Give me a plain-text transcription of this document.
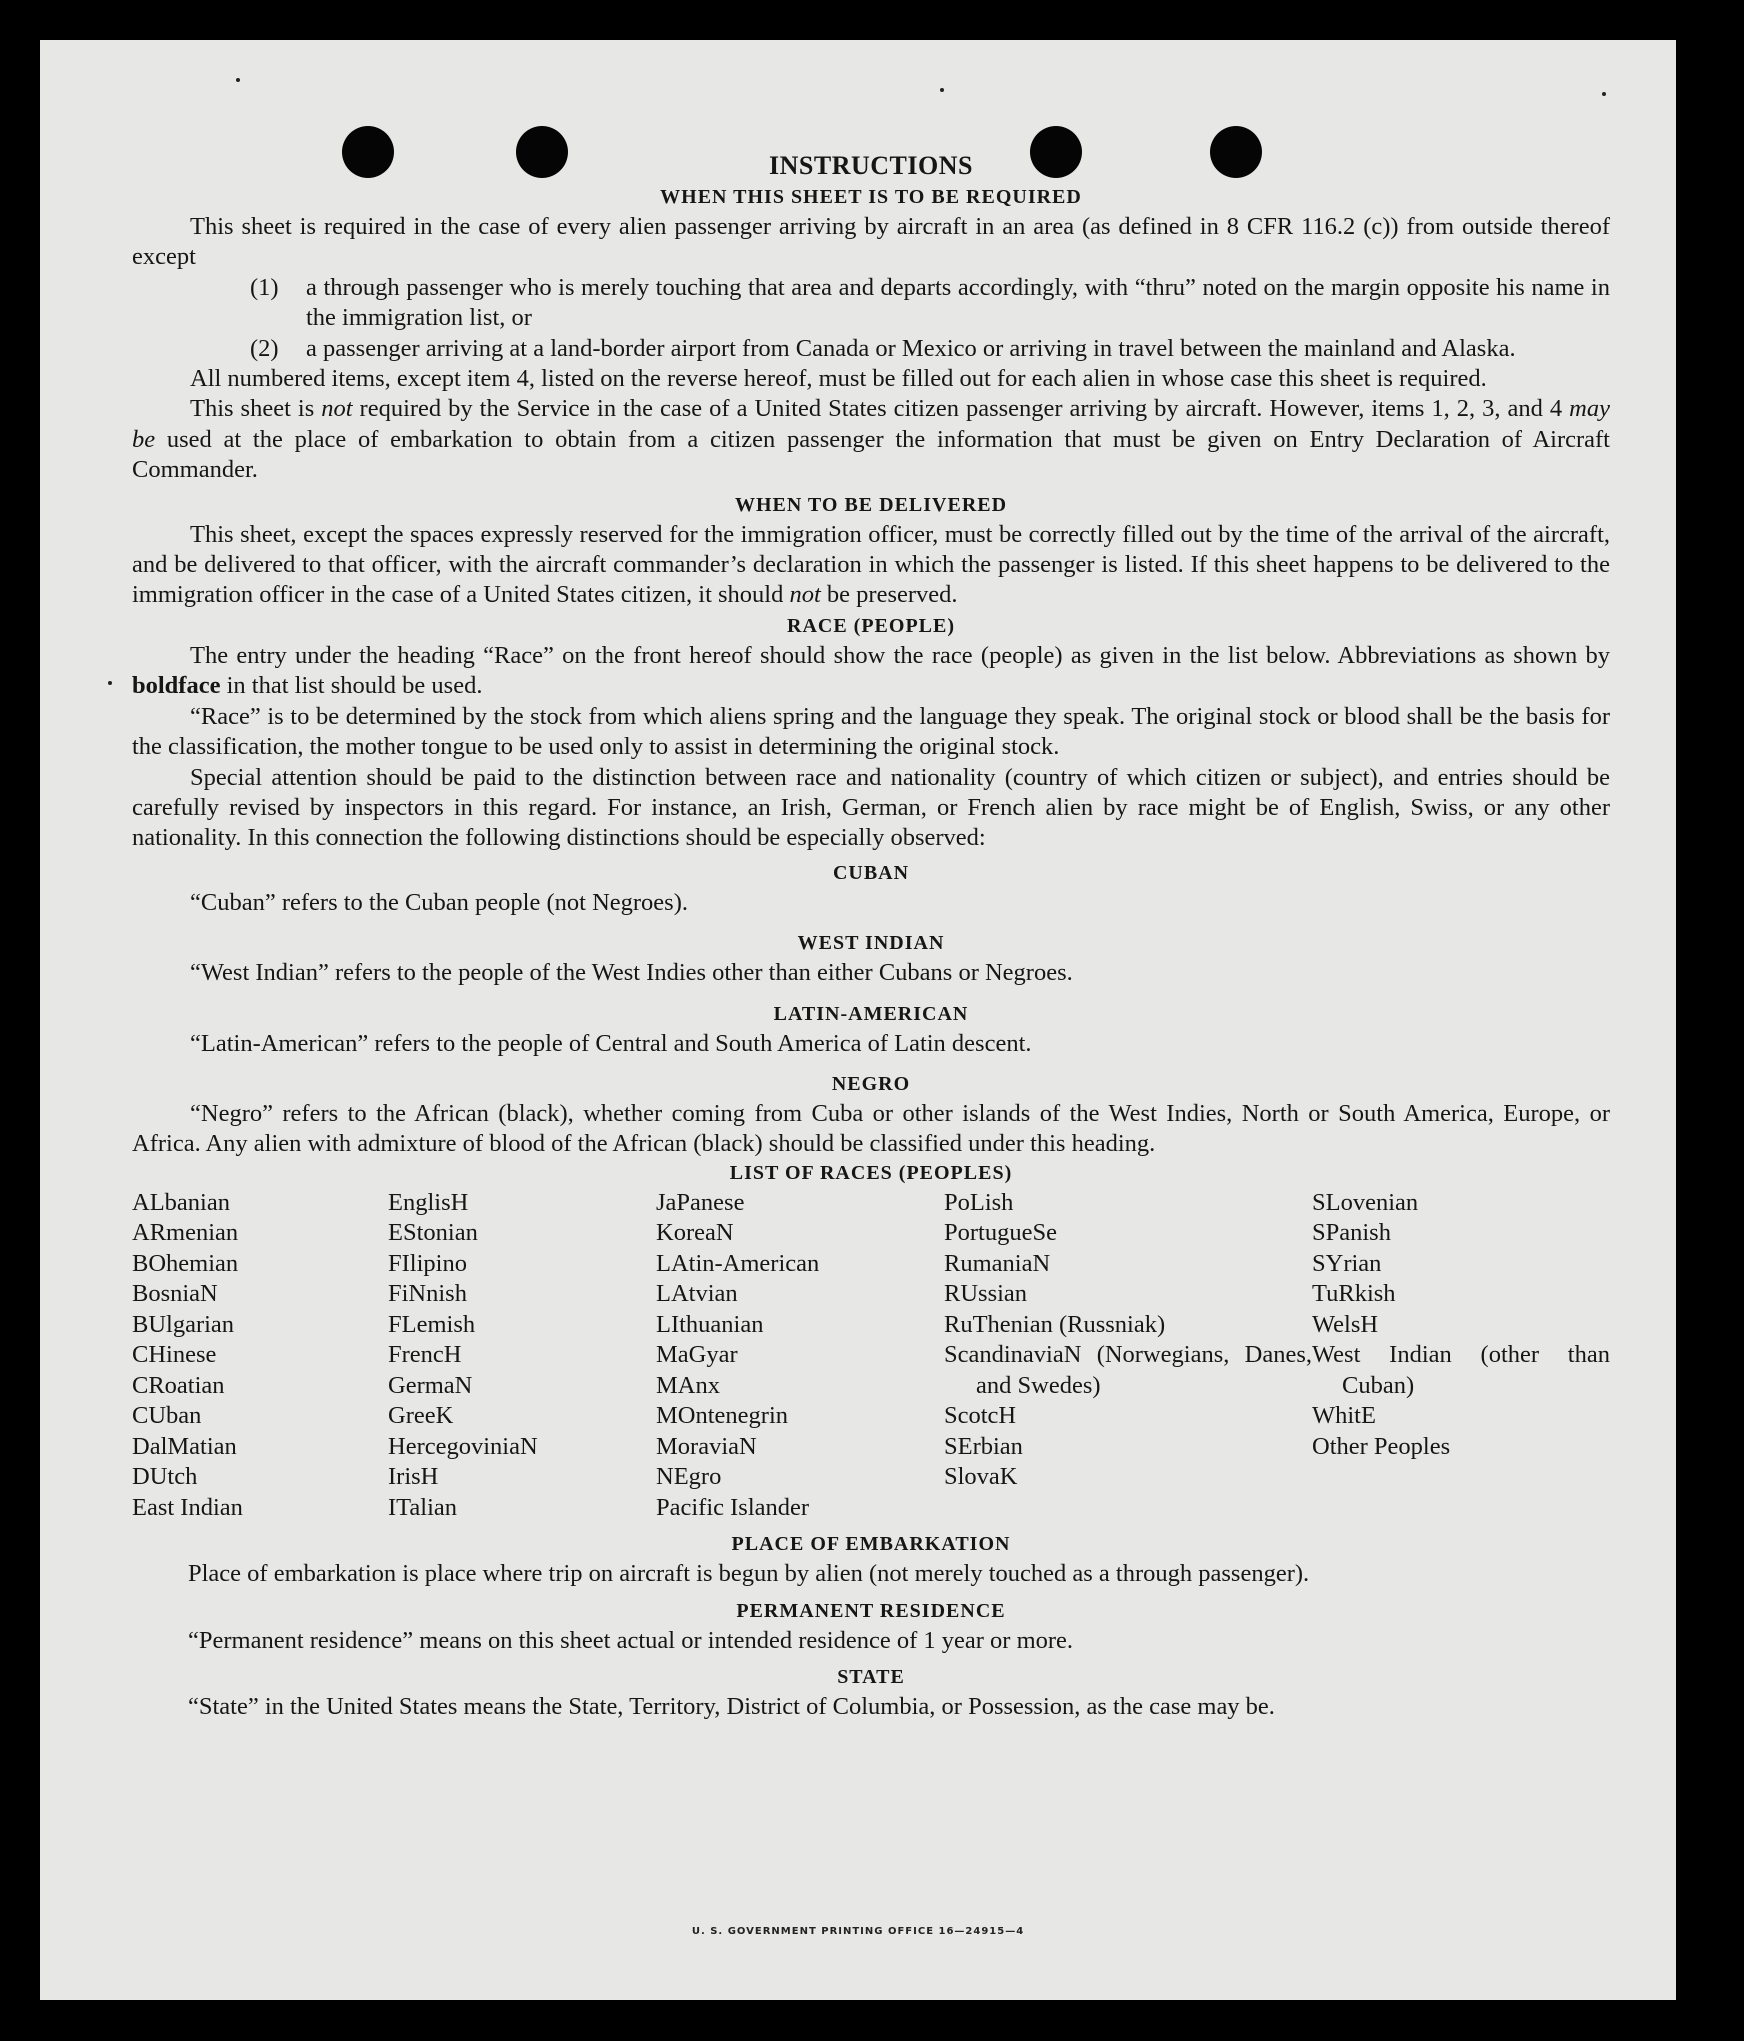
INSTRUCTIONS
WHEN THIS SHEET IS TO BE REQUIRED

This sheet is required in the case of every alien passenger arriving by aircraft in an area (as defined in 8 CFR 116.2 (c)) from outside thereof except

(1)	a through passenger who is merely touching that area and departs accordingly, with “thru” noted on the margin opposite his name in the immigration list, or
(2)	a passenger arriving at a land-border airport from Canada or Mexico or arriving in travel between the mainland and Alaska.

All numbered items, except item 4, listed on the reverse hereof, must be filled out for each alien in whose case this sheet is required.

This sheet is not required by the Service in the case of a United States citizen passenger arriving by aircraft. However, items 1, 2, 3, and 4 may be used at the place of embarkation to obtain from a citizen passenger the information that must be given on Entry Declaration of Aircraft Commander.

WHEN TO BE DELIVERED

This sheet, except the spaces expressly reserved for the immigration officer, must be correctly filled out by the time of the arrival of the aircraft, and be delivered to that officer, with the aircraft commander’s declaration in which the passenger is listed. If this sheet happens to be delivered to the immigration officer in the case of a United States citizen, it should not be preserved.

RACE (PEOPLE)

The entry under the heading “Race” on the front hereof should show the race (people) as given in the list below. Abbreviations as shown by boldface in that list should be used.

“Race” is to be determined by the stock from which aliens spring and the language they speak. The original stock or blood shall be the basis for the classification, the mother tongue to be used only to assist in determining the original stock.

Special attention should be paid to the distinction between race and nationality (country of which citizen or subject), and entries should be carefully revised by inspectors in this regard. For instance, an Irish, German, or French alien by race might be of English, Swiss, or any other nationality. In this connection the following distinctions should be especially observed:

CUBAN

“Cuban” refers to the Cuban people (not Negroes).

WEST INDIAN

“West Indian” refers to the people of the West Indies other than either Cubans or Negroes.

LATIN-AMERICAN

“Latin-American” refers to the people of Central and South America of Latin descent.

NEGRO

“Negro” refers to the African (black), whether coming from Cuba or other islands of the West Indies, North or South America, Europe, or Africa. Any alien with admixture of blood of the African (black) should be classified under this heading.

LIST OF RACES (PEOPLES)
ALbanian
ARmenian
BOhemian
BosniaN
BUlgarian
CHinese
CRoatian
CUban
DalMatian
DUtch
East Indian
EnglisH
EStonian
FIlipino
FiNnish
FLemish
FrencH
GermaN
GreeK
HercegoviniaN
IrisH
ITalian
JaPanese
KoreaN
LAtin-American
LAtvian
LIthuanian
MaGyar
MAnx
MOntenegrin
MoraviaN
NEgro
Pacific Islander
PoLish
PortugueSe
RumaniaN
RUssian
RuThenian (Russniak)
ScandinaviaN (Norwegians, Danes, and Swedes)
ScotcH
SErbian
SlovaK
SLovenian
SPanish
SYrian
TuRkish
WelsH
West Indian (other than Cuban)
WhitE
Other Peoples
PLACE OF EMBARKATION

Place of embarkation is place where trip on aircraft is begun by alien (not merely touched as a through passenger).

PERMANENT RESIDENCE

“Permanent residence” means on this sheet actual or intended residence of 1 year or more.

STATE

“State” in the United States means the State, Territory, District of Columbia, or Possession, as the case may be.

U. S. GOVERNMENT PRINTING OFFICE 16—24915—4
